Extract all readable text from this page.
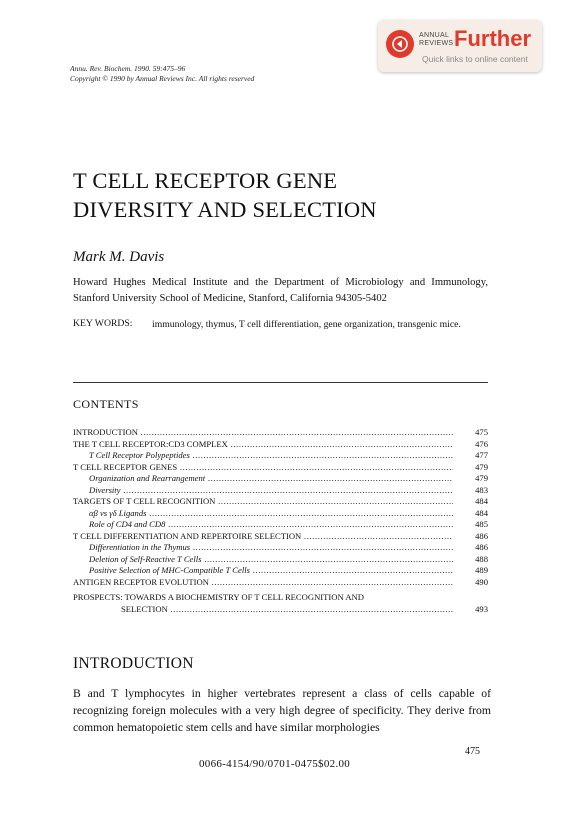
ANNUAL
REVIEWS Further
Quick links to online content
Annu. Rev. Biochem. 1990. 59:475–96
Copyright © 1990 by Annual Reviews Inc. All rights reserved
T CELL RECEPTOR GENE
DIVERSITY AND SELECTION
Mark M. Davis
Howard Hughes Medical Institute and the Department of Microbiology and Immunology, Stanford University School of Medicine, Stanford, California 94305-5402
KEY WORDS: immunology, thymus, T cell differentiation, gene organization, transgenic mice.
CONTENTS
INTRODUCTION .....	475
THE T CELL RECEPTOR:CD3 COMPLEX .....	476
T Cell Receptor Polypeptides .....	477
T CELL RECEPTOR GENES .....	479
Organization and Rearrangement .....	479
Diversity .....	483
TARGETS OF T CELL RECOGNITION .....	484
αβ vs γδ Ligands .....	484
Role of CD4 and CD8 .....	485
T CELL DIFFERENTIATION AND REPERTOIRE SELECTION .....	486
Differentiation in the Thymus .....	486
Deletion of Self-Reactive T Cells .....	488
Positive Selection of MHC-Compatible T Cells .....	489
ANTIGEN RECEPTOR EVOLUTION .....	490
PROSPECTS: TOWARDS A BIOCHEMISTRY OF T CELL RECOGNITION AND
SELECTION .....	493
INTRODUCTION
B and T lymphocytes in higher vertebrates represent a class of cells capable of recognizing foreign molecules with a very high degree of specificity. They derive from common hematopoietic stem cells and have similar morphologies
475
0066-4154/90/0701-0475$02.00
